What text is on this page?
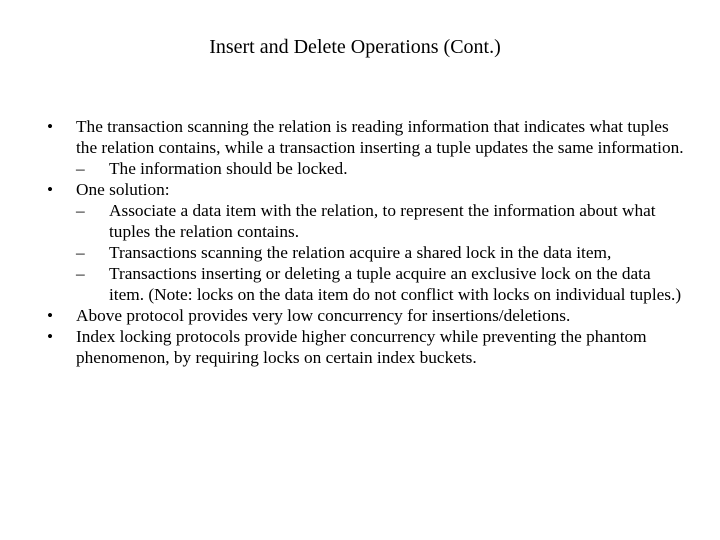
Insert and Delete Operations (Cont.)
•	The transaction scanning the relation is reading information that indicates what tuples the relation contains, while a transaction inserting a tuple updates the same information.
–	The information should be locked.
•	One solution:
–	Associate a data item with the relation, to represent the information about what tuples the relation contains.
–	Transactions scanning the relation acquire a shared lock in the data item,
–	Transactions inserting or deleting a tuple acquire an exclusive lock on the data item. (Note: locks on the data item do not conflict with locks on individual tuples.)
•	Above protocol provides very low concurrency for insertions/deletions.
•	Index locking protocols provide higher concurrency while preventing the phantom phenomenon, by requiring locks on certain index buckets.
